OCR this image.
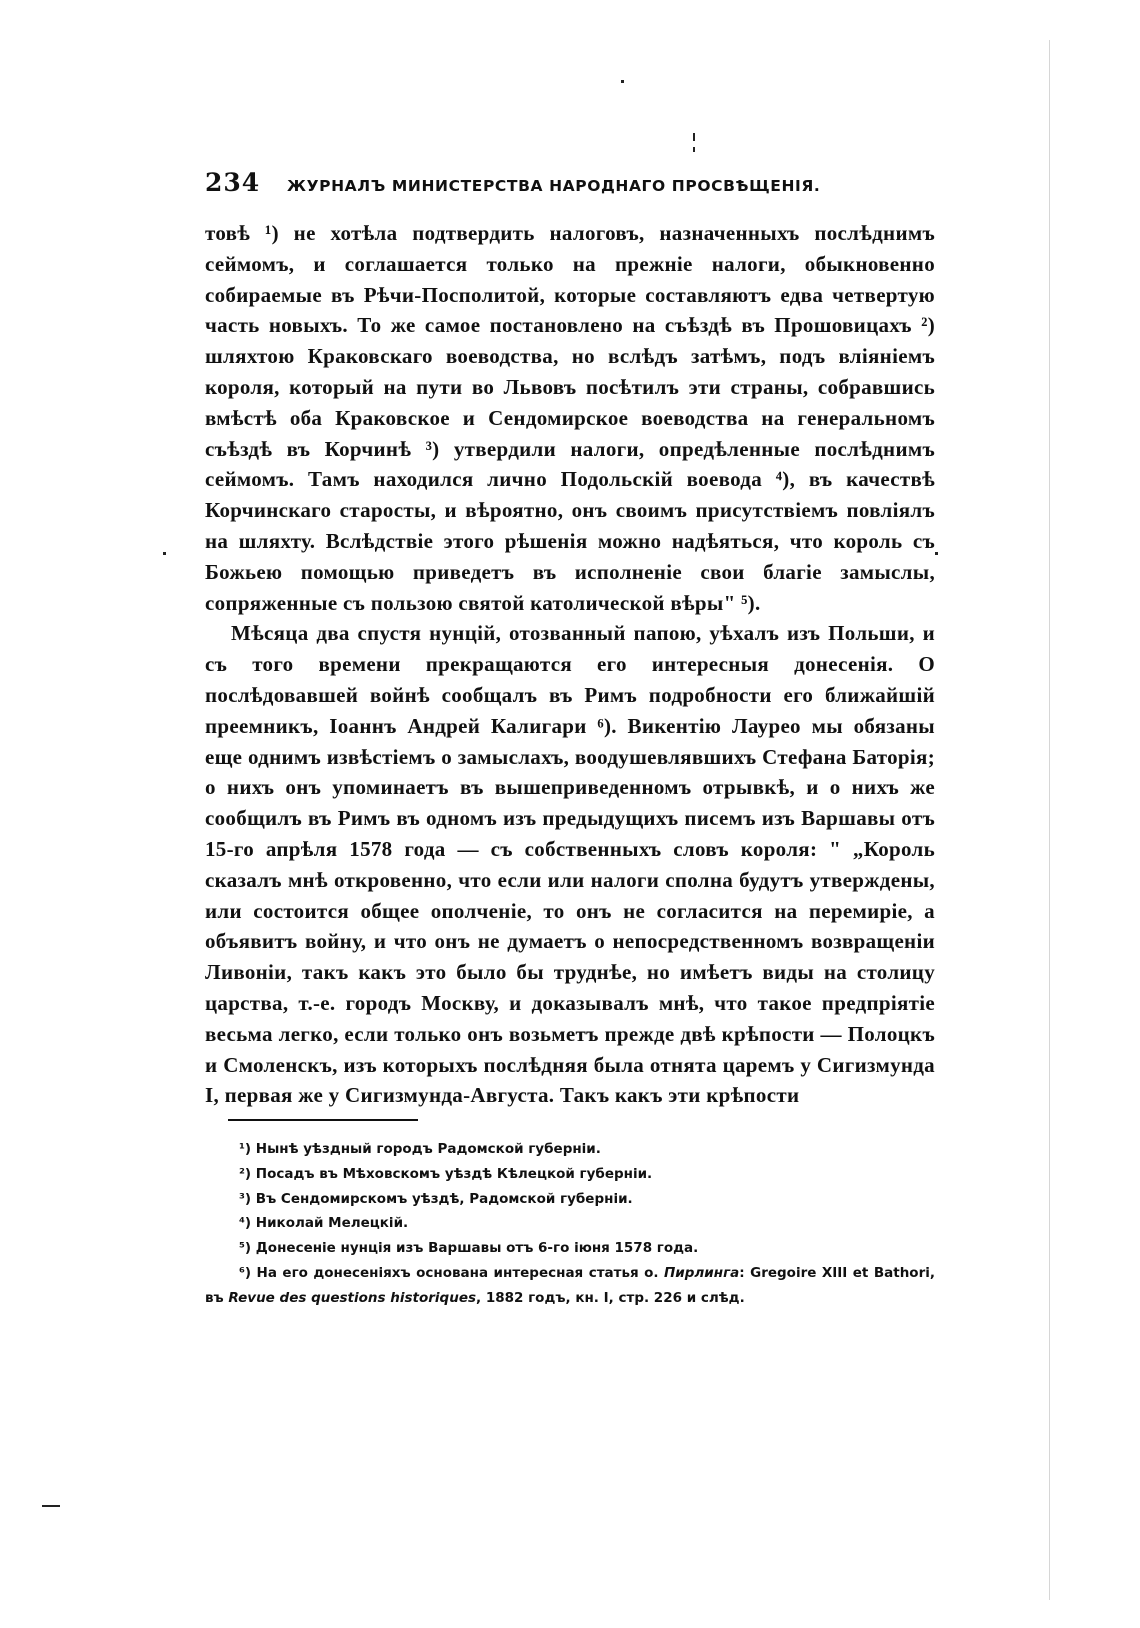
234	ЖУРНАЛЪ МИНИСТЕРСТВА НАРОДНАГО ПРОСВѢЩЕНІЯ.

товѣ ¹) не хотѣла подтвердить налоговъ, назначенныхъ послѣднимъ сеймомъ, и соглашается только на прежніе налоги, обыкновенно собираемые въ Рѣчи-Посполитой, которые составляютъ едва четвертую часть новыхъ. То же самое постановлено на съѣздѣ въ Прошовицахъ ²) шляхтою Краковскаго воеводства, но вслѣдъ затѣмъ, подъ вліяніемъ короля, который на пути во Львовъ посѣтилъ эти страны, собравшись вмѣстѣ оба Краковское и Сендомирское воеводства на генеральномъ съѣздѣ въ Корчинѣ ³) утвердили налоги, опредѣленные послѣднимъ сеймомъ. Тамъ находился лично Подольскій воевода ⁴), въ качествѣ Корчинскаго старосты, и вѣроятно, онъ своимъ присутствіемъ повліялъ на шляхту. Вслѣдствіе этого рѣшенія можно надѣяться, что король съ Божьею помощью приведетъ въ исполненіе свои благіе замыслы, сопряженные съ пользою святой католической вѣры" ⁵).

Мѣсяца два спустя нунцій, отозванный папою, уѣхалъ изъ Польши, и съ того времени прекращаются его интересныя донесенія. О послѣдовавшей войнѣ сообщалъ въ Римъ подробности его ближайшій преемникъ, Іоаннъ Андрей Калигари ⁶). Викентію Лаурео мы обязаны еще однимъ извѣстіемъ о замыслахъ, воодушевлявшихъ Стефана Баторія; о нихъ онъ упоминаетъ въ вышеприведенномъ отрывкѣ, и о нихъ же сообщилъ въ Римъ въ одномъ изъ предыдущихъ писемъ изъ Варшавы отъ 15-го апрѣля 1578 года — съ собственныхъ словъ короля: " „Король сказалъ мнѣ откровенно, что если или налоги сполна будутъ утверждены, или состоится общее ополченіе, то онъ не согласится на перемиріе, а объявитъ войну, и что онъ не думаетъ о непосредственномъ возвращеніи Ливоніи, такъ какъ это было бы труднѣе, но имѣетъ виды на столицу царства, т.-е. городъ Москву, и доказывалъ мнѣ, что такое предпріятіе весьма легко, если только онъ возьметъ прежде двѣ крѣпости — Полоцкъ и Смоленскъ, изъ которыхъ послѣдняя была отнята царемъ у Сигизмунда I, первая же у Сигизмунда-Августа. Такъ какъ эти крѣпости

¹) Нынѣ уѣздный городъ Радомской губерніи.

²) Посадъ въ Мѣховскомъ уѣздѣ Кѣлецкой губерніи.

³) Въ Сендомирскомъ уѣздѣ, Радомской губерніи.

⁴) Николай Мелецкій.

⁵) Донесеніе нунція изъ Варшавы отъ 6-го іюня 1578 года.

⁶) На его донесеніяхъ основана интересная статья о. Пирлинга: Gregoire XIII et Bathori, въ Revue des questions historiques, 1882 годъ, кн. I, стр. 226 и слѣд.
